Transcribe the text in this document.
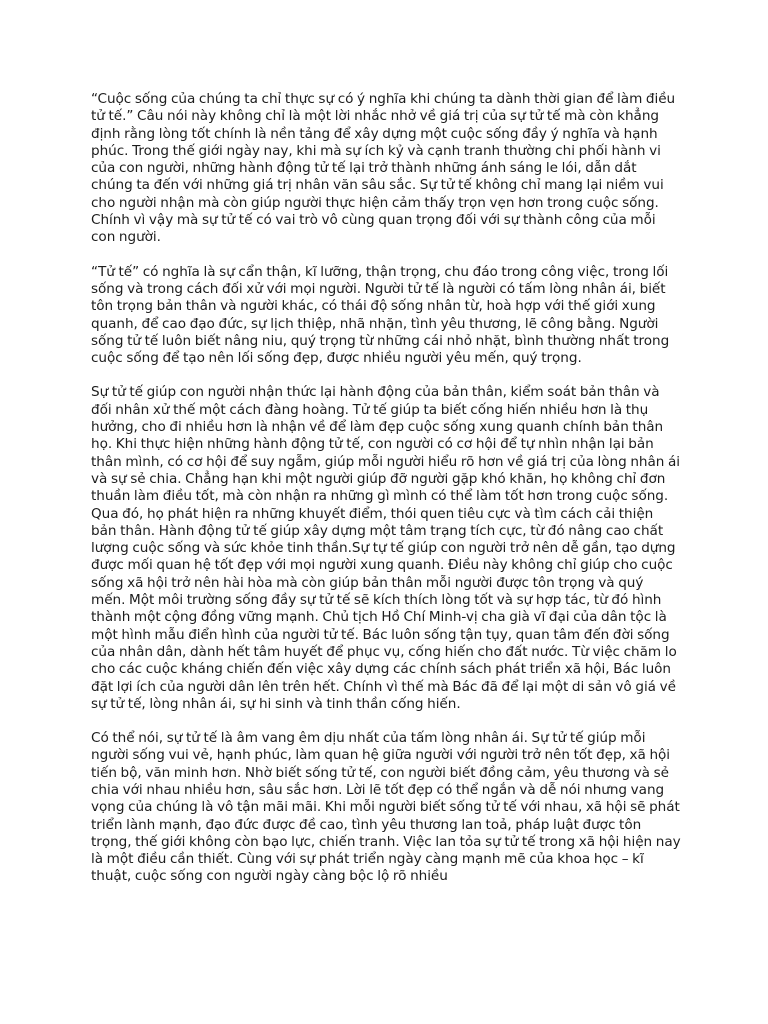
“Cuộc sống của chúng ta chỉ thực sự có ý nghĩa khi chúng ta dành thời gian để làm điều tử tế.” Câu nói này không chỉ là một lời nhắc nhở về giá trị của sự tử tế mà còn khẳng định rằng lòng tốt chính là nền tảng để xây dựng một cuộc sống đầy ý nghĩa và hạnh phúc. Trong thế giới ngày nay, khi mà sự ích kỷ và cạnh tranh thường chi phối hành vi của con người, những hành động tử tế lại trở thành những ánh sáng le lói, dẫn dắt chúng ta đến với những giá trị nhân văn sâu sắc. Sự tử tế không chỉ mang lại niềm vui cho người nhận mà còn giúp người thực hiện cảm thấy trọn vẹn hơn trong cuộc sống. Chính vì vậy mà sự tử tế có vai trò vô cùng quan trọng đối với sự thành công của mỗi con người.

“Tử tế” có nghĩa là sự cẩn thận, kĩ lưỡng, thận trọng, chu đáo trong công việc, trong lối sống và trong cách đối xử với mọi người. Người tử tế là người có tấm lòng nhân ái, biết tôn trọng bản thân và người khác, có thái độ sống nhân từ, hoà hợp với thế giới xung quanh, để cao đạo đức, sự lịch thiệp, nhã nhặn, tình yêu thương, lẽ công bằng. Người sống tử tế luôn biết nâng niu, quý trọng từ những cái nhỏ nhặt, bình thường nhất trong cuộc sống để tạo nên lối sống đẹp, được nhiều người yêu mến, quý trọng.

Sự tử tế giúp con người nhận thức lại hành động của bản thân, kiểm soát bản thân và đối nhân xử thế một cách đàng hoàng. Tử tế giúp ta biết cống hiến nhiều hơn là thụ hưởng, cho đi nhiều hơn là nhận về để làm đẹp cuộc sống xung quanh chính bản thân họ. Khi thực hiện những hành động tử tế, con người có cơ hội để tự nhìn nhận lại bản thân mình, có cơ hội để suy ngẫm, giúp mỗi người hiểu rõ hơn về giá trị của lòng nhân ái và sự sẻ chia. Chẳng hạn khi một người giúp đỡ người gặp khó khăn, họ không chỉ đơn thuần làm điều tốt, mà còn nhận ra những gì mình có thể làm tốt hơn trong cuộc sống. Qua đó, họ phát hiện ra những khuyết điểm, thói quen tiêu cực và tìm cách cải thiện bản thân. Hành động tử tế giúp xây dựng một tâm trạng tích cực, từ đó nâng cao chất lượng cuộc sống và sức khỏe tinh thần.Sự tự tế giúp con người trở nên dễ gần, tạo dựng được mối quan hệ tốt đẹp với mọi người xung quanh. Điều này không chỉ giúp cho cuộc sống xã hội trở nên hài hòa mà còn giúp bản thân mỗi người được tôn trọng và quý mến. Một môi trường sống đầy sự tử tế sẽ kích thích lòng tốt và sự hợp tác, từ đó hình thành một cộng đồng vững mạnh. Chủ tịch Hồ Chí Minh-vị cha già vĩ đại của dân tộc là một hình mẫu điển hình của người tử tế. Bác luôn sống tận tụy, quan tâm đến đời sống của nhân dân, dành hết tâm huyết để phục vụ, cống hiến cho đất nước. Từ việc chăm lo cho các cuộc kháng chiến đến việc xây dựng các chính sách phát triển xã hội, Bác luôn đặt lợi ích của người dân lên trên hết. Chính vì thế mà Bác đã để lại một di sản vô giá về sự tử tế, lòng nhân ái, sự hi sinh và tinh thần cống hiến.

Có thể nói, sự tử tế là âm vang êm dịu nhất của tấm lòng nhân ái. Sự tử tế giúp mỗi người sống vui vẻ, hạnh phúc, làm quan hệ giữa người với người trở nên tốt đẹp, xã hội tiến bộ, văn minh hơn. Nhờ biết sống tử tế, con người biết đồng cảm, yêu thương và sẻ chia với nhau nhiều hơn, sâu sắc hơn. Lời lẽ tốt đẹp có thể ngắn và dễ nói nhưng vang vọng của chúng là vô tận mãi mãi. Khi mỗi người biết sống tử tế với nhau, xã hội sẽ phát triển lành mạnh, đạo đức được đề cao, tình yêu thương lan toả, pháp luật được tôn trọng, thế giới không còn bạo lực, chiến tranh. Việc lan tỏa sự tử tế trong xã hội hiện nay là một điều cần thiết. Cùng với sự phát triển ngày càng mạnh mẽ của khoa học – kĩ thuật, cuộc sống con người ngày càng bộc lộ rõ nhiều
